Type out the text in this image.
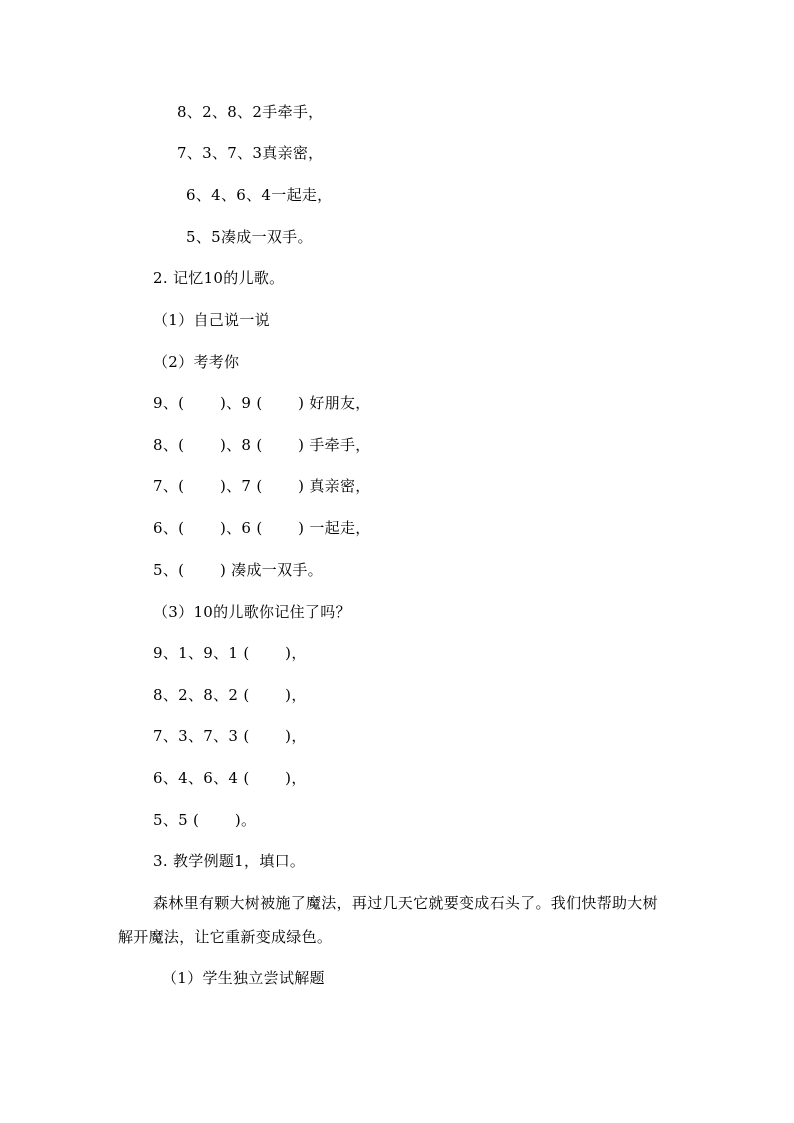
8、2、8、2手牵手，
7、3、7、3真亲密，
6、4、6、4一起走，
5、5凑成一双手。
2. 记忆10的儿歌。
（1）自己说一说
（2）考考你
9、(　　 )、9 (　　 ) 好朋友，
8、(　　 )、8 (　　 ) 手牵手，
7、(　　 )、7 (　　 ) 真亲密，
6、(　　 )、6 (　　 ) 一起走，
5、(　　 ) 凑成一双手。
（3）10的儿歌你记住了吗？
9、1、9、1 (　　 )，
8、2、8、2 (　　 )，
7、3、7、3 (　　 )，
6、4、6、4 (　　 )，
5、5 (　　 )。
3. 教学例题1，填口。
森林里有颗大树被施了魔法，再过几天它就要变成石头了。我们快帮助大树
解开魔法，让它重新变成绿色。
（1）学生独立尝试解题
